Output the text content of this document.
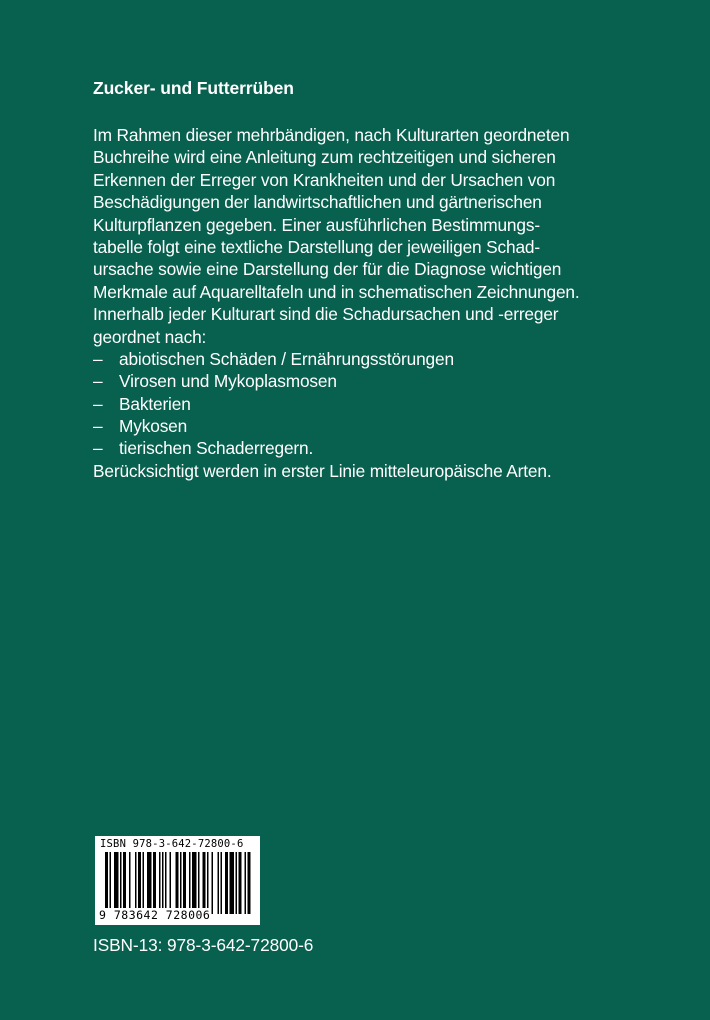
Zucker- und Futterrüben
Im Rahmen dieser mehrbändigen, nach Kulturarten geordneten
Buchreihe wird eine Anleitung zum rechtzeitigen und sicheren
Erkennen der Erreger von Krankheiten und der Ursachen von
Beschädigungen der landwirtschaftlichen und gärtnerischen
Kulturpflanzen gegeben. Einer ausführlichen Bestimmungs-
tabelle folgt eine textliche Darstellung der jeweiligen Schad-
ursache sowie eine Darstellung der für die Diagnose wichtigen
Merkmale auf Aquarelltafeln und in schematischen Zeichnungen.
Innerhalb jeder Kulturart sind die Schadursachen und -erreger
geordnet nach:
– abiotischen Schäden / Ernährungsstörungen
– Virosen und Mykoplasmosen
– Bakterien
– Mykosen
– tierischen Schaderregern.
Berücksichtigt werden in erster Linie mitteleuropäische Arten.
ISBN 978-3-642-72800-6
9 783642 728006
ISBN-13: 978-3-642-72800-6
